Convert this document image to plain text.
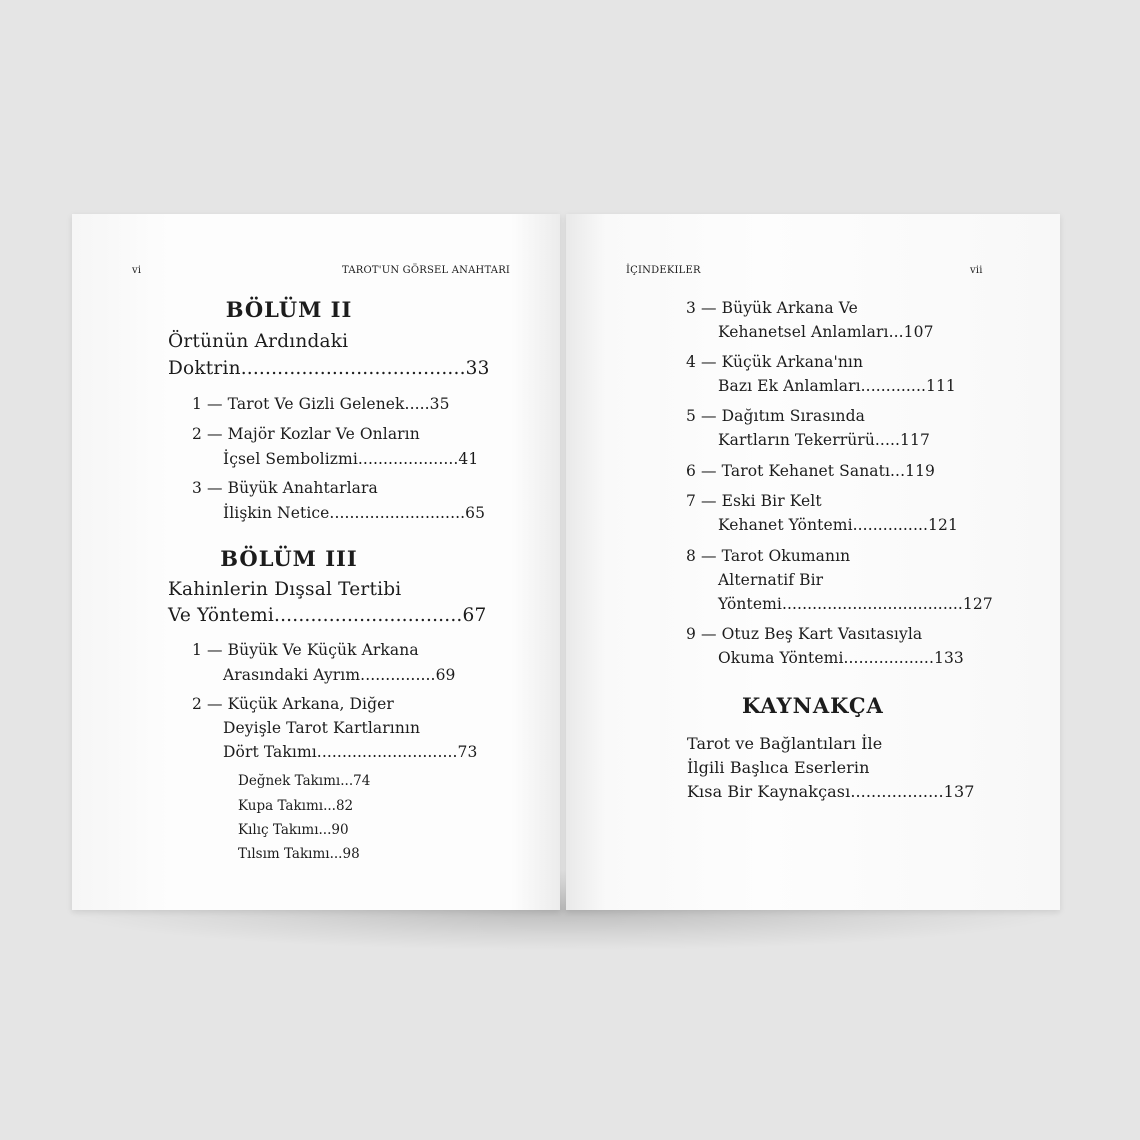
vi	TAROT'UN GÖRSEL ANAHTARI
BÖLÜM II
Örtünün Ardındaki
Doktrin.....................................33
1 — Tarot Ve Gizli Gelenek.....35
2 — Majör Kozlar Ve Onların
İçsel Sembolizmi....................41
3 — Büyük Anahtarlara
İlişkin Netice...........................65
BÖLÜM III
Kahinlerin Dışsal Tertibi
Ve Yöntemi...............................67
1 — Büyük Ve Küçük Arkana
Arasındaki Ayrım...............69
2 — Küçük Arkana, Diğer
Deyişle Tarot Kartlarının
Dört Takımı............................73
Değnek Takımı...74
Kupa Takımı...82
Kılıç Takımı...90
Tılsım Takımı...98
İÇINDEKILER	vii
3 — Büyük Arkana Ve
Kehanetsel Anlamları...107
4 — Küçük Arkana'nın
Bazı Ek Anlamları.............111
5 — Dağıtım Sırasında
Kartların Tekerrürü.....117
6 — Tarot Kehanet Sanatı...119
7 — Eski Bir Kelt
Kehanet Yöntemi...............121
8 — Tarot Okumanın
Alternatif Bir
Yöntemi....................................127
9 — Otuz Beş Kart Vasıtasıyla
Okuma Yöntemi..................133
KAYNAKÇA
Tarot ve Bağlantıları İle
İlgili Başlıca Eserlerin
Kısa Bir Kaynakçası..................137
